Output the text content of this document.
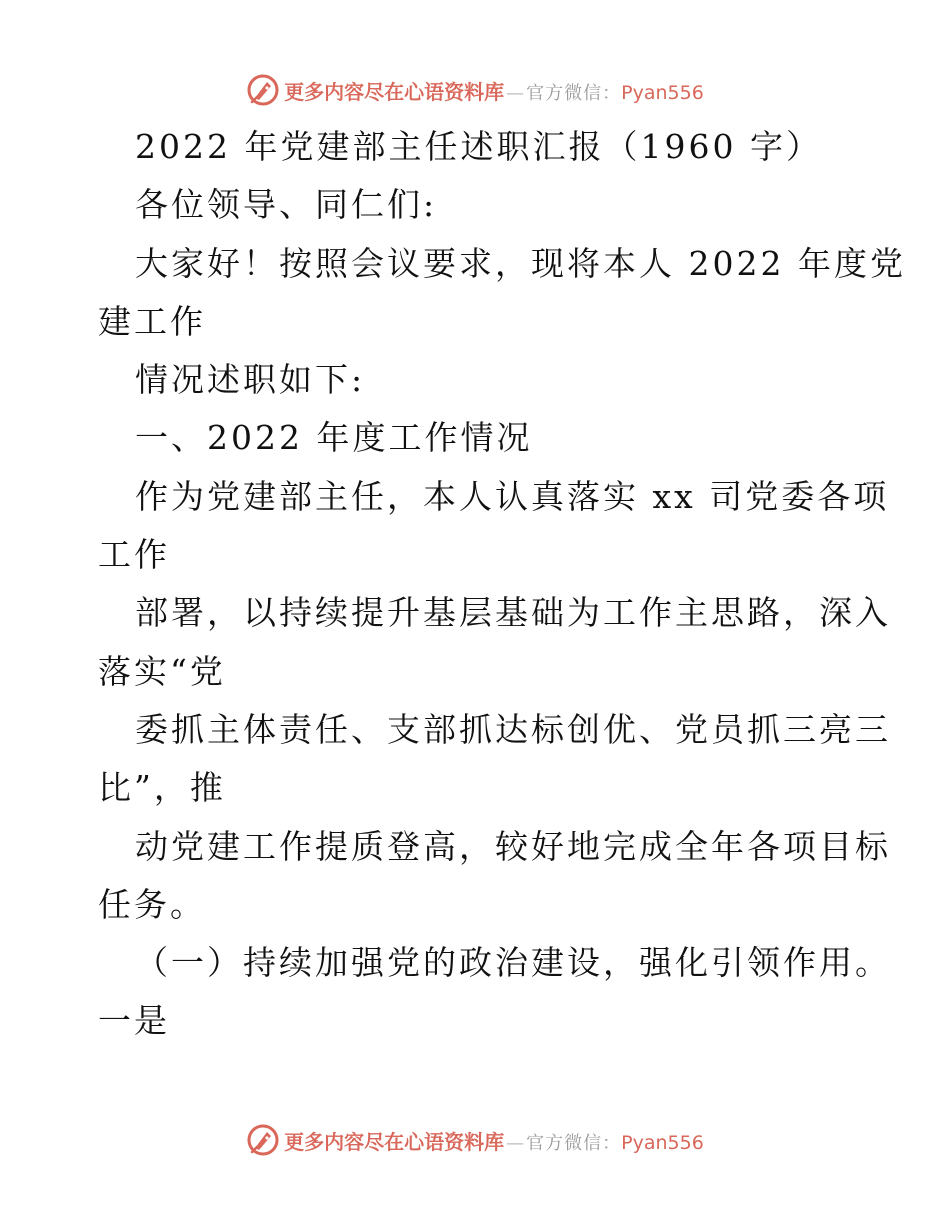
更多内容尽在心语资料库 — 官方微信： Pyan556
2022 年党建部主任述职汇报（1960 字）
各位领导、同仁们:
大家好！按照会议要求，现将本人 2022 年度党
建工作
情况述职如下:
一、2022 年度工作情况
作为党建部主任，本人认真落实 xx 司党委各项
工作
部署，以持续提升基层基础为工作主思路，深入
落实“党
委抓主体责任、支部抓达标创优、党员抓三亮三
比”，推
动党建工作提质登高，较好地完成全年各项目标
任务。
（一）持续加强党的政治建设，强化引领作用。
一是
更多内容尽在心语资料库 — 官方微信： Pyan556
